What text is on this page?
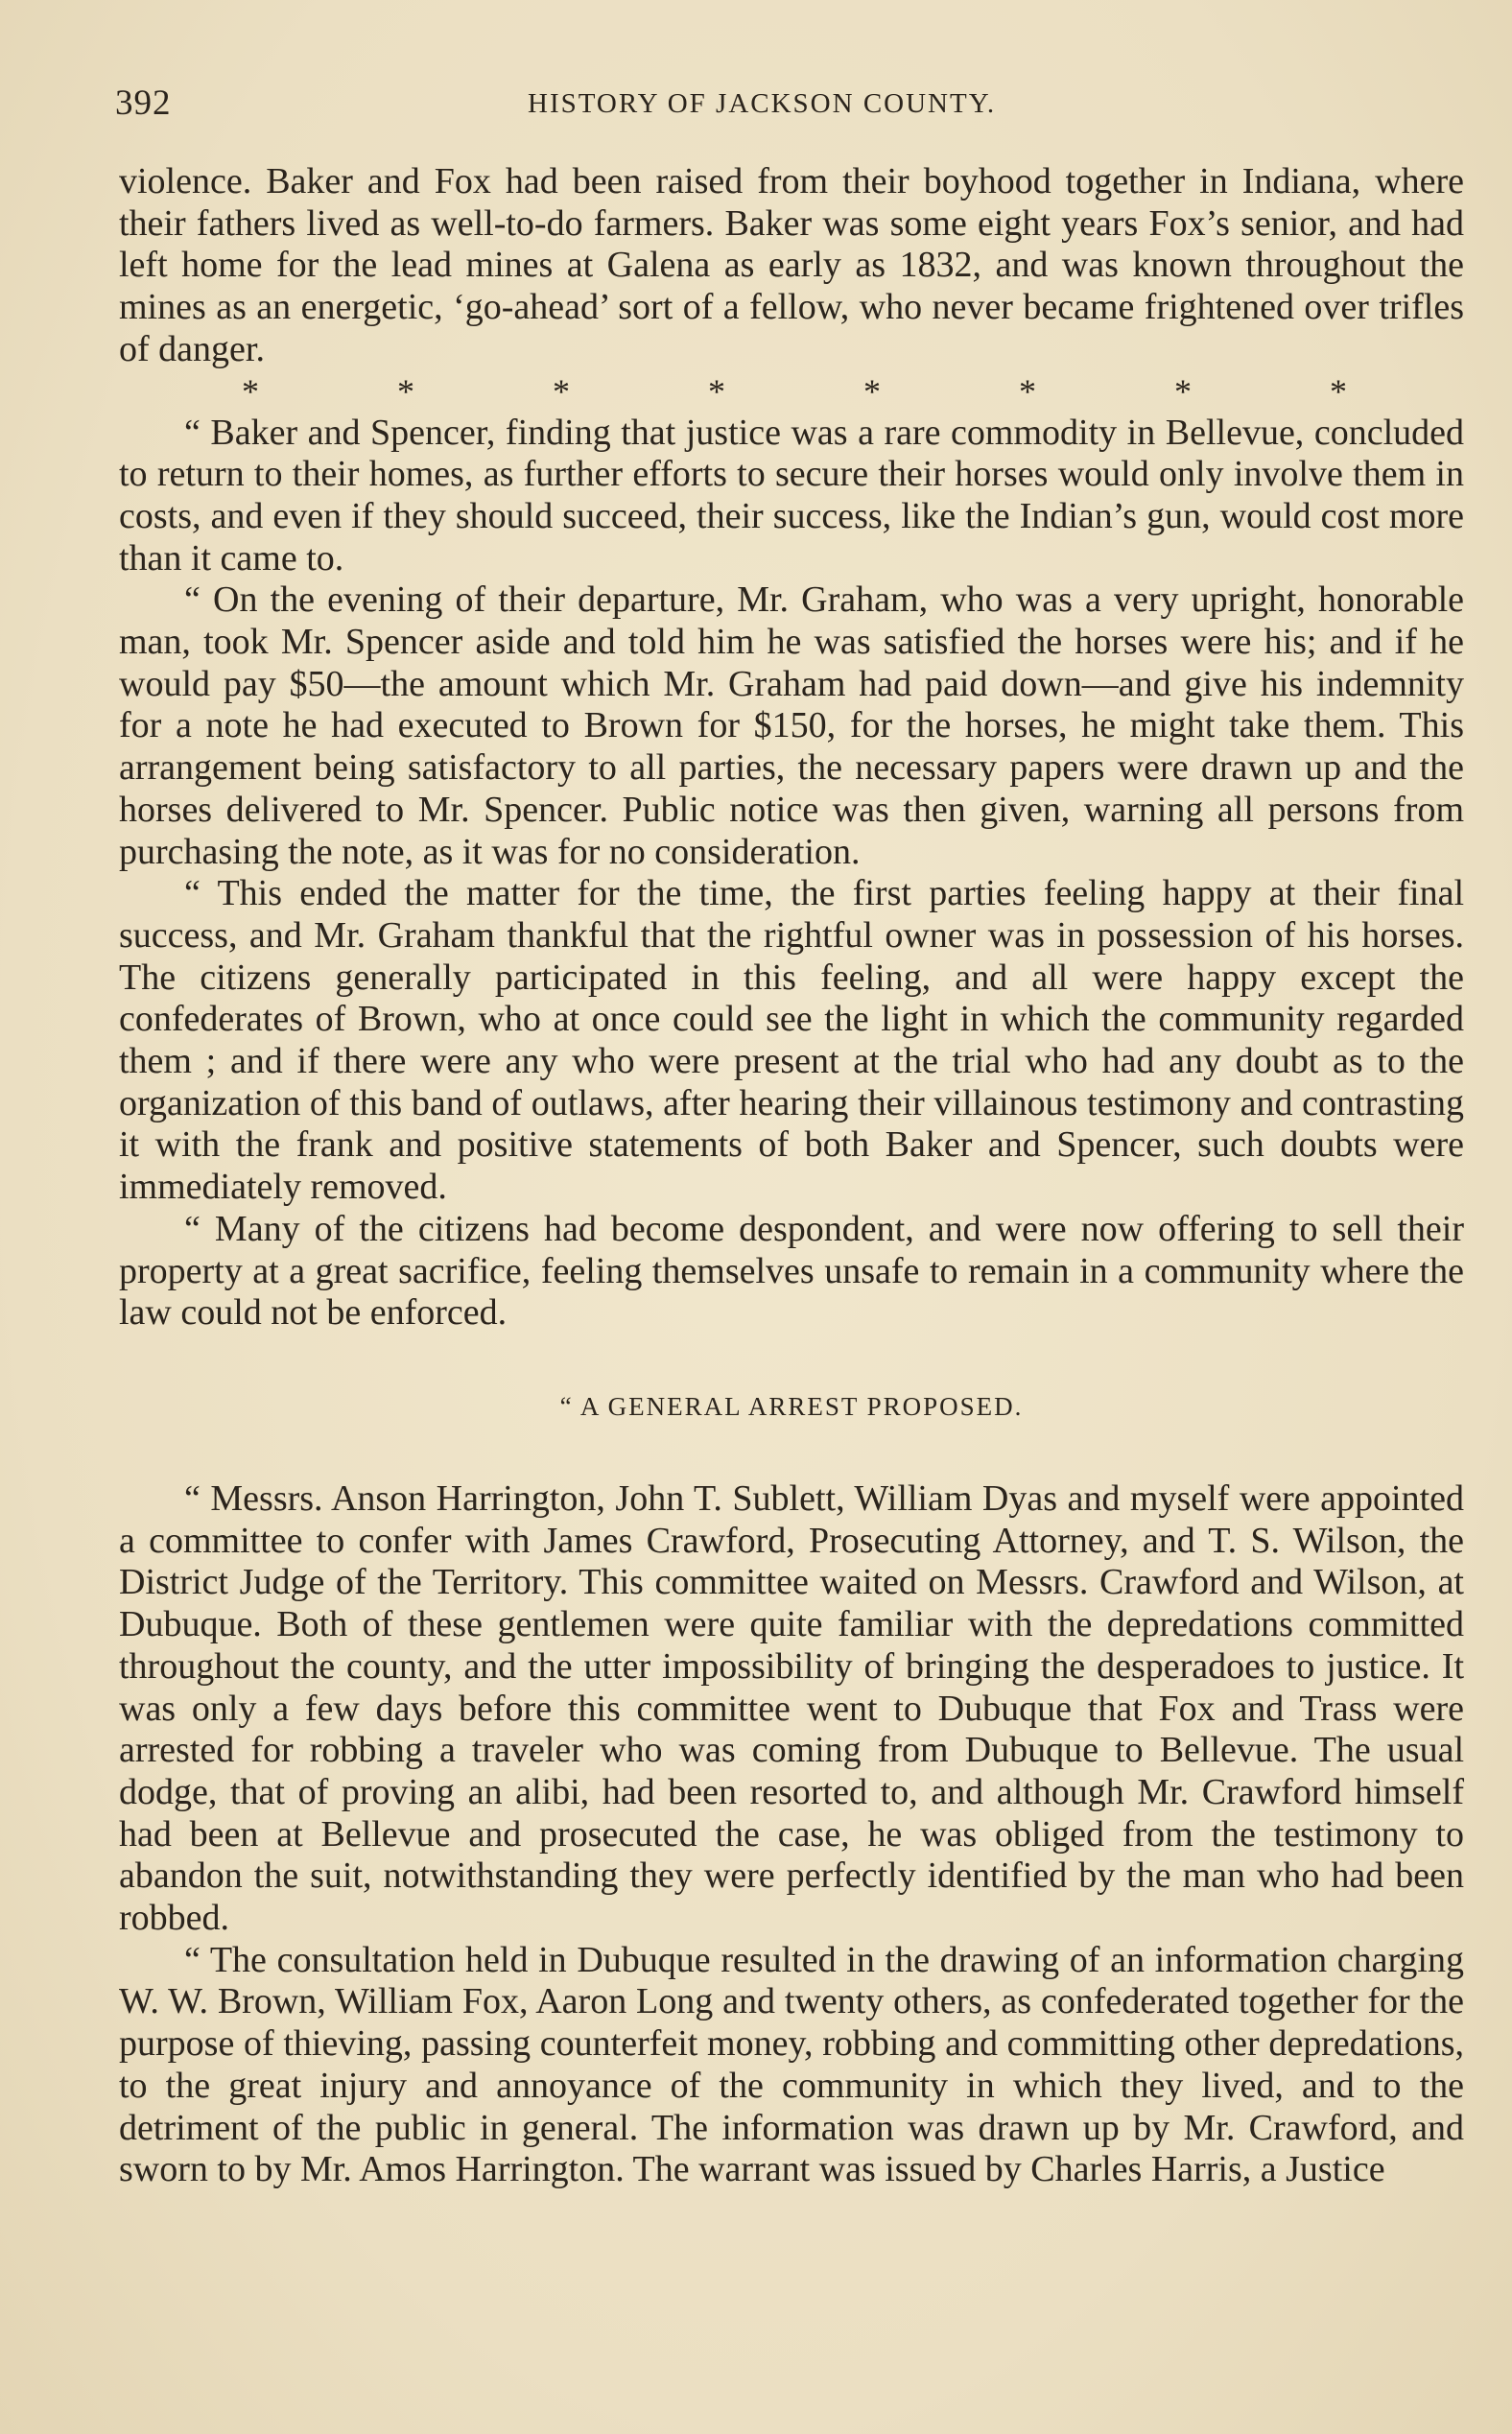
392	HISTORY OF JACKSON COUNTY.

violence. Baker and Fox had been raised from their boyhood together in Indiana, where their fathers lived as well-to-do farmers. Baker was some eight years Fox’s senior, and had left home for the lead mines at Galena as early as 1832, and was known throughout the mines as an energetic, ‘go-ahead’ sort of a fellow, who never became frightened over trifles of danger.

*	*	*	*	*	*	*	*

“ Baker and Spencer, finding that justice was a rare commodity in Bellevue, concluded to return to their homes, as further efforts to secure their horses would only involve them in costs, and even if they should succeed, their success, like the Indian’s gun, would cost more than it came to.

“ On the evening of their departure, Mr. Graham, who was a very upright, honorable man, took Mr. Spencer aside and told him he was satisfied the horses were his; and if he would pay $50—the amount which Mr. Graham had paid down—and give his indemnity for a note he had executed to Brown for $150, for the horses, he might take them. This arrangement being satisfactory to all parties, the necessary papers were drawn up and the horses delivered to Mr. Spencer. Public notice was then given, warning all persons from purchasing the note, as it was for no consideration.

“ This ended the matter for the time, the first parties feeling happy at their final success, and Mr. Graham thankful that the rightful owner was in possession of his horses. The citizens generally participated in this feeling, and all were happy except the confederates of Brown, who at once could see the light in which the community regarded them ; and if there were any who were present at the trial who had any doubt as to the organization of this band of outlaws, after hearing their villainous testimony and contrasting it with the frank and positive statements of both Baker and Spencer, such doubts were immediately removed.

“ Many of the citizens had become despondent, and were now offering to sell their property at a great sacrifice, feeling themselves unsafe to remain in a community where the law could not be enforced.

“ A GENERAL ARREST PROPOSED.

“ Messrs. Anson Harrington, John T. Sublett, William Dyas and myself were appointed a committee to confer with James Crawford, Prosecuting Attorney, and T. S. Wilson, the District Judge of the Territory. This committee waited on Messrs. Crawford and Wilson, at Dubuque. Both of these gentlemen were quite familiar with the depredations committed throughout the county, and the utter impossibility of bringing the desperadoes to justice. It was only a few days before this committee went to Dubuque that Fox and Trass were arrested for robbing a traveler who was coming from Dubuque to Bellevue. The usual dodge, that of proving an alibi, had been resorted to, and although Mr. Crawford himself had been at Bellevue and prosecuted the case, he was obliged from the testimony to abandon the suit, notwithstanding they were perfectly identified by the man who had been robbed.

“ The consultation held in Dubuque resulted in the drawing of an information charging W. W. Brown, William Fox, Aaron Long and twenty others, as confederated together for the purpose of thieving, passing counterfeit money, robbing and committing other depredations, to the great injury and annoyance of the community in which they lived, and to the detriment of the public in general. The information was drawn up by Mr. Crawford, and sworn to by Mr. Amos Harrington. The warrant was issued by Charles Harris, a Justice
